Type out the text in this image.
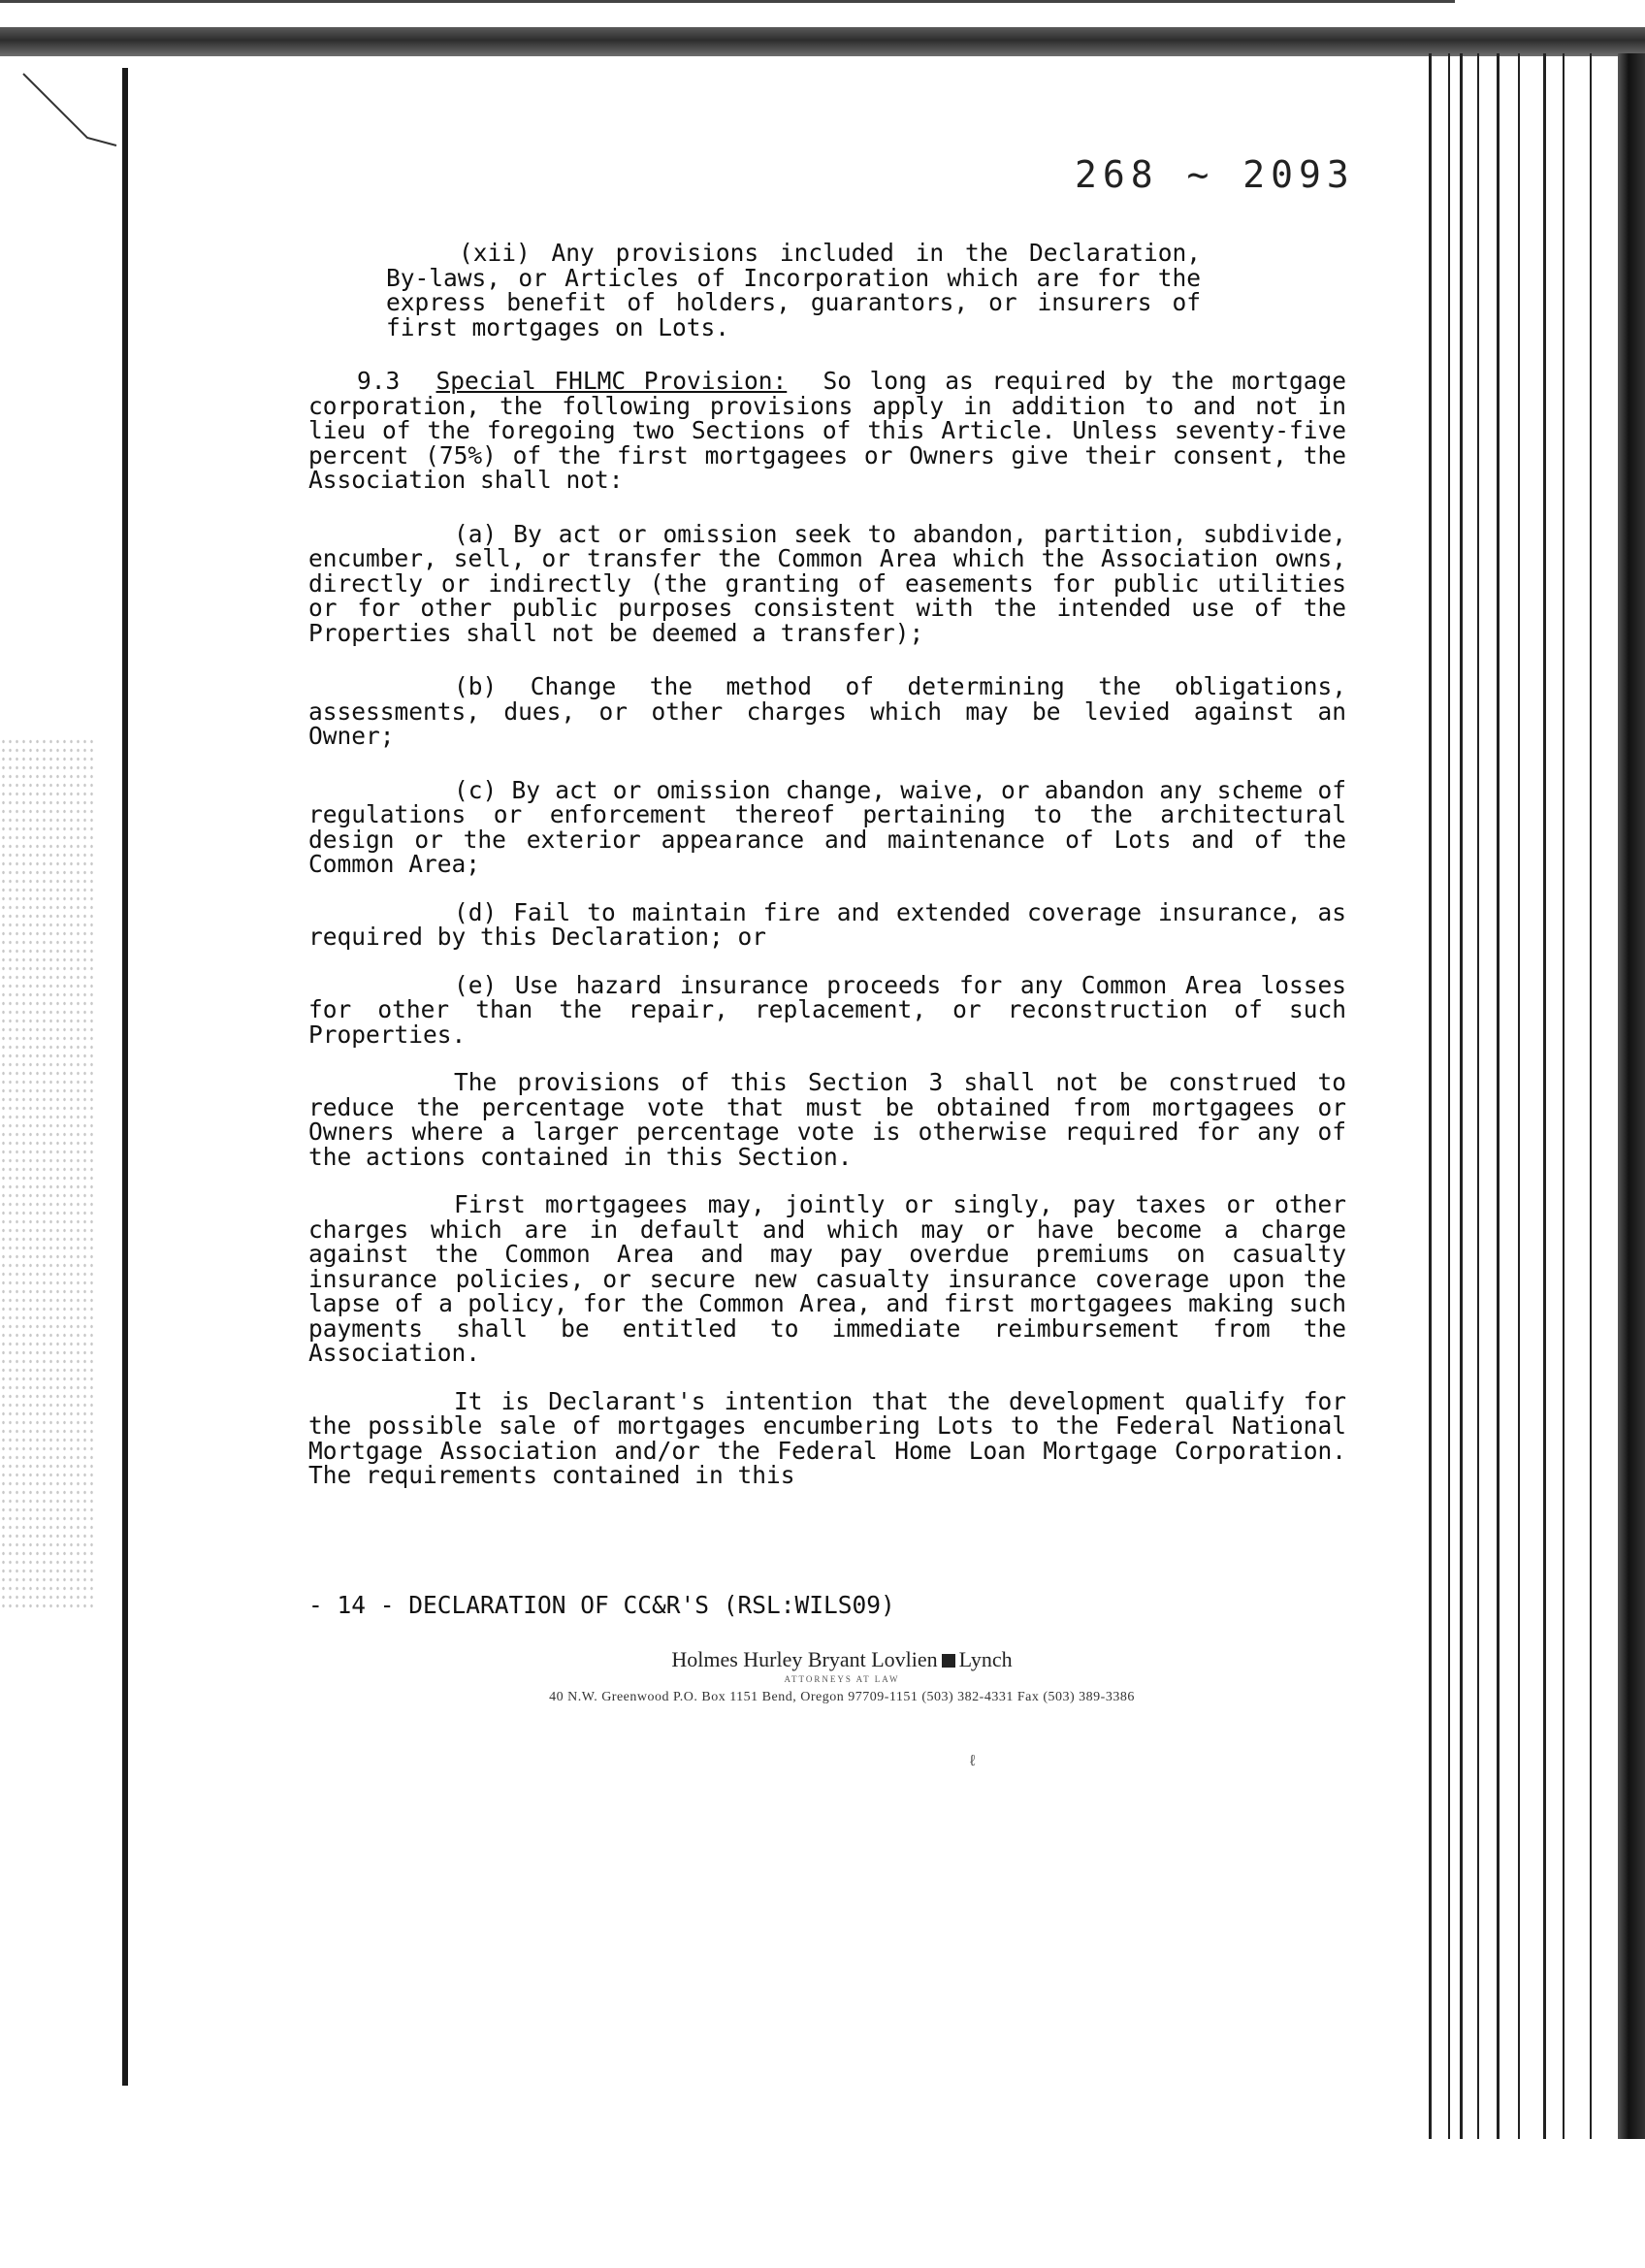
268 ~ 2093

(xii) Any provisions included in the Declaration, By-laws, or Articles of Incorporation which are for the express benefit of holders, guarantors, or insurers of first mortgages on Lots.

9.3 Special FHLMC Provision: So long as required by the mortgage corporation, the following provisions apply in addition to and not in lieu of the foregoing two Sections of this Article. Unless seventy-five percent (75%) of the first mortgagees or Owners give their consent, the Association shall not:

(a) By act or omission seek to abandon, partition, subdivide, encumber, sell, or transfer the Common Area which the Association owns, directly or indirectly (the granting of easements for public utilities or for other public purposes consistent with the intended use of the Properties shall not be deemed a transfer);

(b) Change the method of determining the obligations, assessments, dues, or other charges which may be levied against an Owner;

(c) By act or omission change, waive, or abandon any scheme of regulations or enforcement thereof pertaining to the architectural design or the exterior appearance and maintenance of Lots and of the Common Area;

(d) Fail to maintain fire and extended coverage insurance, as required by this Declaration; or

(e) Use hazard insurance proceeds for any Common Area losses for other than the repair, replacement, or reconstruction of such Properties.

The provisions of this Section 3 shall not be construed to reduce the percentage vote that must be obtained from mortgagees or Owners where a larger percentage vote is otherwise required for any of the actions contained in this Section.

First mortgagees may, jointly or singly, pay taxes or other charges which are in default and which may or have become a charge against the Common Area and may pay overdue premiums on casualty insurance policies, or secure new casualty insurance coverage upon the lapse of a policy, for the Common Area, and first mortgagees making such payments shall be entitled to immediate reimbursement from the Association.

It is Declarant's intention that the development qualify for the possible sale of mortgages encumbering Lots to the Federal National Mortgage Association and/or the Federal Home Loan Mortgage Corporation. The requirements contained in this

- 14 - DECLARATION OF CC&R'S (RSL:WILS09)
Holmes Hurley Bryant Lovlien Lynch
ATTORNEYS AT LAW
40 N.W. Greenwood P.O. Box 1151 Bend, Oregon 97709-1151 (503) 382-4331 Fax (503) 389-3386
ℓ
